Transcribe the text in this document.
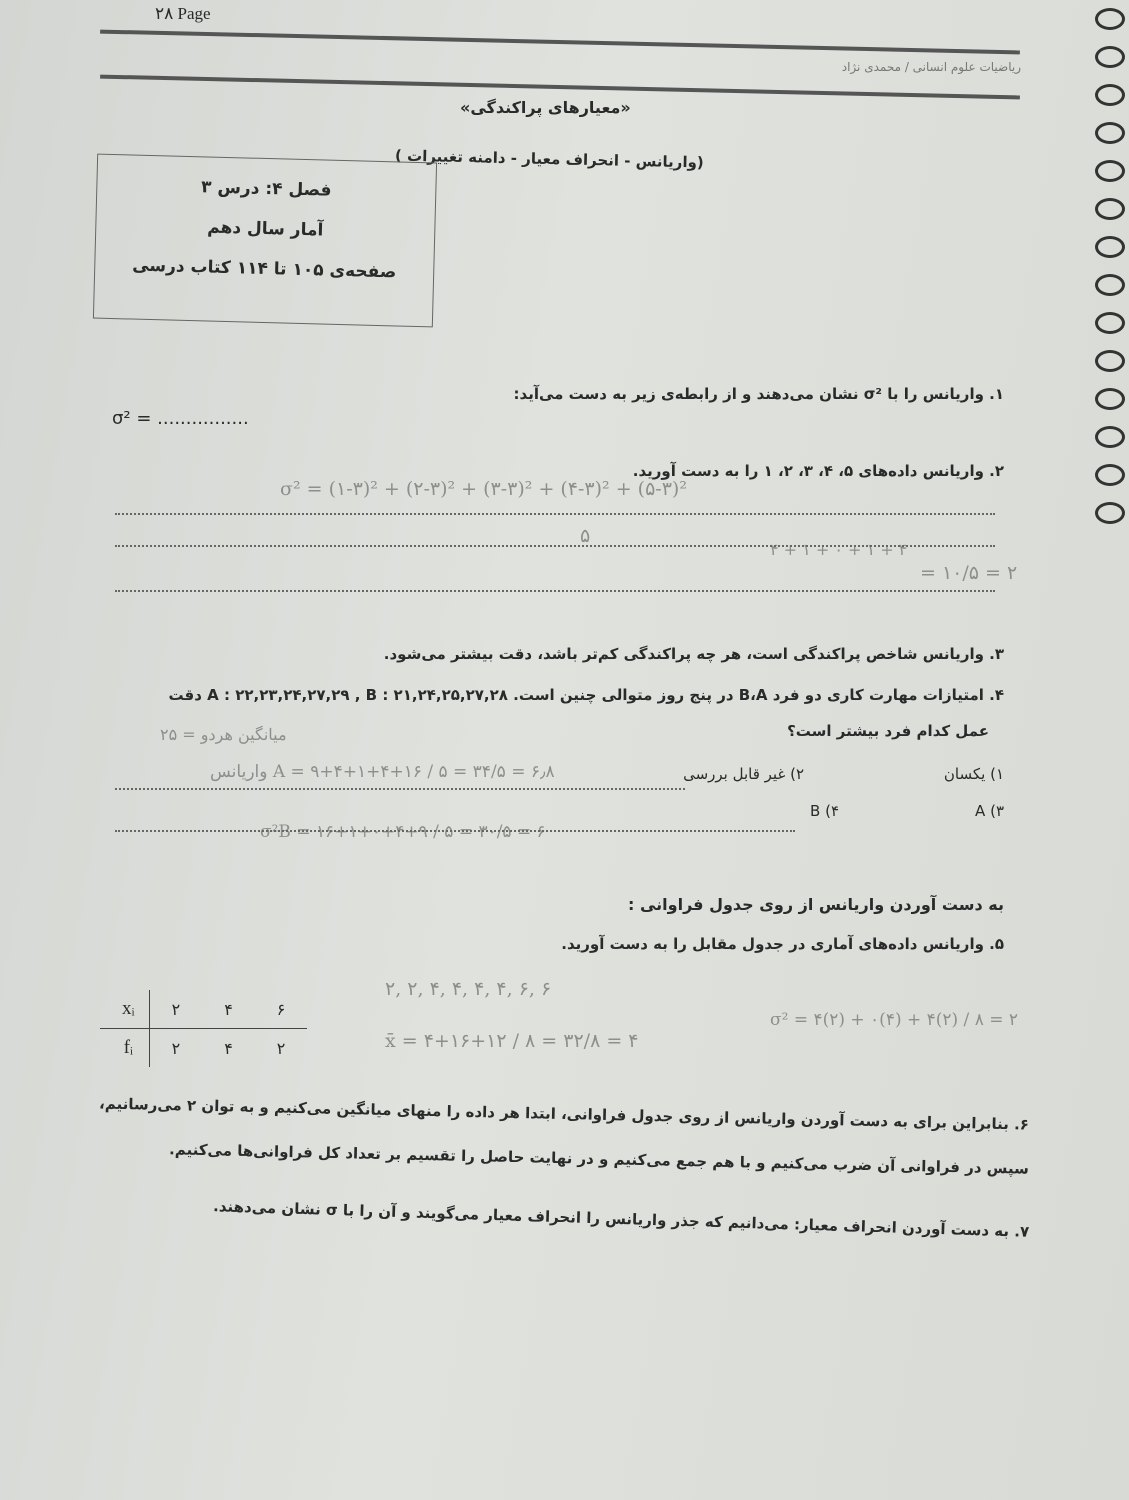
۲۸ Page
ریاضیات علوم انسانی / محمدی نژاد
«معیارهای پراکندگی»
(واریانس - انحراف معیار - دامنه تغییرات )
فصل ۴: درس ۳
آمار سال دهم
صفحه‌ی ۱۰۵ تا ۱۱۴ کتاب درسی
۱. واریانس را با σ² نشان می‌دهند و از رابطه‌ی زیر به دست می‌آید:
σ² = ................
۲. واریانس داده‌های ۵، ۴، ۳، ۲، ۱ را به دست آورید.
σ² = (۱-۳)² + (۲-۳)² + (۳-۳)² + (۴-۳)² + (۵-۳)²
۵
۴ + ۱ + ۰ + ۱ + ۴
= ۱۰/۵ = ۲
۳. واریانس شاخص پراکندگی است، هر چه پراکندگی کم‌تر باشد، دقت بیشتر می‌شود.
۴. امتیازات مهارت کاری دو فرد B،A در پنج روز متوالی چنین است. A : ۲۲,۲۳,۲۴,۲۷,۲۹ , B : ۲۱,۲۴,۲۵,۲۷,۲۸ دقت
عمل کدام فرد بیشتر است؟
۲۵ = میانگین هردو
۱) یکسان
۲) غیر قابل بررسی
۳) A
۴) B
واریانس A = ۹+۴+۱+۴+۱۶ / ۵ = ۳۴/۵ = ۶٫۸
σ²B = ۱۶+۱+۰+۴+۹ / ۵ = ۳۰/۵ = ۶
به دست آوردن واریانس از روی جدول فراوانی :
۵. واریانس داده‌های آماری در جدول مقابل را به دست آورید.
xᵢ	۲	۴	۶
fᵢ	۲	۴	۲
۲, ۲, ۴, ۴, ۴, ۴, ۶, ۶
x̄ = ۴+۱۶+۱۲ / ۸ = ۳۲/۸ = ۴
σ² = ۴(۲) + ۰(۴) + ۴(۲) / ۸ = ۲
۶. بنابراین برای به دست آوردن واریانس از روی جدول فراوانی، ابتدا هر داده را منهای میانگین می‌کنیم و به توان ۲ می‌رسانیم،
سپس در فراوانی آن ضرب می‌کنیم و با هم جمع می‌کنیم و در نهایت حاصل را تقسیم بر تعداد کل فراوانی‌ها می‌کنیم.
۷. به دست آوردن انحراف معیار: می‌دانیم که جذر واریانس را انحراف معیار می‌گویند و آن را با σ نشان می‌دهند.
